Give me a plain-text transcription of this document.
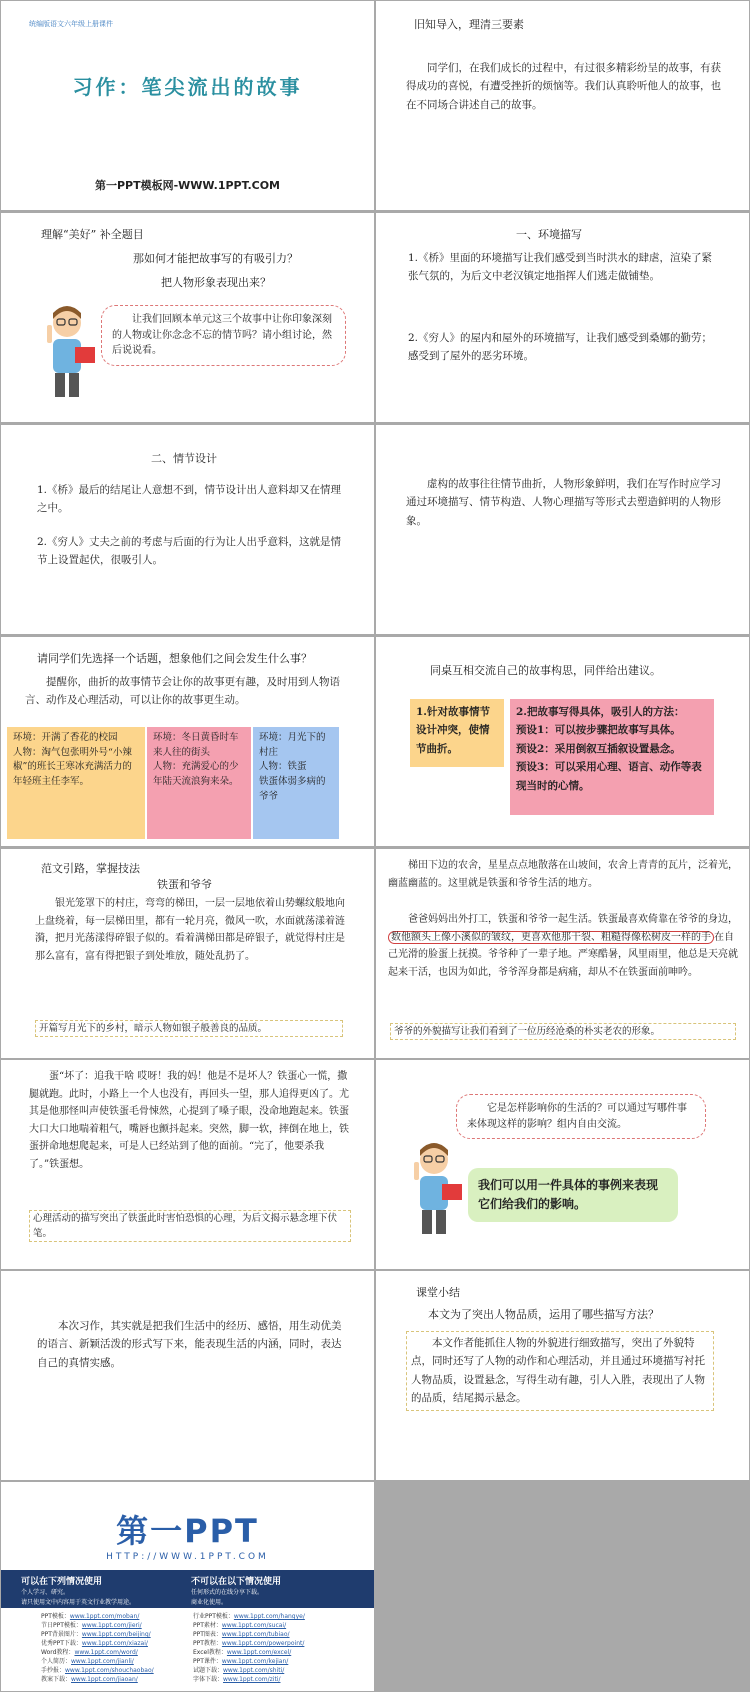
统编版语文六年级上册课件
习作：笔尖流出的故事
第一PPT模板网-WWW.1PPT.COM
旧知导入，理清三要素
同学们，在我们成长的过程中，有过很多精彩纷呈的故事，有获得成功的喜悦，有遭受挫折的烦恼等。我们认真聆听他人的故事，也在不同场合讲述自己的故事。
理解“美好” 补全题目
那如何才能把故事写的有吸引力？
把人物形象表现出来？
让我们回顾本单元这三个故事中让你印象深刻的人物或让你念念不忘的情节吗？请小组讨论，然后说说看。
一、环境描写
1.《桥》里面的环境描写让我们感受到当时洪水的肆虐，渲染了紧张气氛的，为后文中老汉镇定地指挥人们逃走做铺垫。
2.《穷人》的屋内和屋外的环境描写，让我们感受到桑娜的勤劳；感受到了屋外的恶劣环境。
二、情节设计
1.《桥》最后的结尾让人意想不到，情节设计出人意料却又在情理之中。
2.《穷人》丈夫之前的考虑与后面的行为让人出乎意料，这就是情节上设置起伏，很吸引人。
虚构的故事往往情节曲折，人物形象鲜明，我们在写作时应学习通过环境描写、情节构造、人物心理描写等形式去塑造鲜明的人物形象。
请同学们先选择一个话题，想象他们之间会发生什么事？
提醒你，曲折的故事情节会让你的故事更有趣，及时用到人物语言、动作及心理活动，可以让你的故事更生动。
环境：开满了香花的校园
人物：淘气包张明外号“小辣椒”的班长王寒冰充满活力的年轻班主任李军。
环境：冬日黄昏时车来人往的街头
人物：充满爱心的少年陆天流浪狗来朵。
环境：月光下的村庄
人物：铁蛋
铁蛋体弱多病的爷爷
同桌互相交流自己的故事构思，同伴给出建议。
1.针对故事情节设计冲突，使情节曲折。
2.把故事写得具体，吸引人的方法：
预设1：可以按步骤把故事写具体。
预设2：采用倒叙互插叙设置悬念。
预设3：可以采用心理、语言、动作等表现当时的心情。
范文引路，掌握技法
铁蛋和爷爷
银光笼罩下的村庄，弯弯的梯田，一层一层地依着山势螺纹般地向上盘绕着，每一层梯田里，都有一轮月亮，微风一吹，水面就荡漾着涟漪，把月光荡漾得碎银子似的。看着满梯田都是碎银子，就觉得村庄是那么富有，富有得把银子到处堆放，随处乱扔了。
开篇写月光下的乡村，暗示人物如银子般善良的品质。
梯田下边的农舍，星星点点地散落在山坡间，农舍上青青的瓦片，泛着光，幽蓝幽蓝的。这里就是铁蛋和爷爷生活的地方。
爸爸妈妈出外打工，铁蛋和爷爷一起生活。铁蛋最喜欢倚靠在爷爷的身边，数他额头上像小溪似的皱纹，更喜欢他那干裂、粗糙得像松树皮一样的手 在自己光滑的脸蛋上抚摸。爷爷种了一辈子地。严寒酷暑，风里雨里，他总是天亮就起来干活，也因为如此，爷爷浑身都是病痛，却从不在铁蛋面前呻吟。
爷爷的外貌描写让我们看到了一位历经沧桑的朴实老农的形象。
蛋“坏了：追我干啥 哎呀！我的妈！他是不是坏人？铁蛋心一慌，撒腿就跑。此时，小路上一个人也没有，再回头一望，那人追得更凶了。尤其是他那怪叫声使铁蛋毛骨悚然，心提到了嗓子眼，没命地跑起来。铁蛋大口大口地喘着粗气，嘴唇也颤抖起来。突然，脚一软，摔倒在地上，铁蛋拼命地想爬起来，可是人已经站到了他的面前。“完了，他要杀我了。”铁蛋想。
心理活动的描写突出了铁蛋此时害怕恐惧的心理，为后文揭示悬念埋下伏笔。
它是怎样影响你的生活的？可以通过写哪件事来体现这样的影响？组内自由交流。
我们可以用一件具体的事例来表现它们给我们的影响。
本次习作，其实就是把我们生活中的经历、感悟，用生动优美的语言、新颖活泼的形式写下来，能表现生活的内涵，同时，表达自己的真情实感。
课堂小结
本文为了突出人物品质，运用了哪些描写方法？
本文作者能抓住人物的外貌进行细致描写，突出了外貌特点，同时还写了人物的动作和心理活动，并且通过环境描写衬托人物品质，设置悬念，写得生动有趣，引人入胜，表现出了人物的品质，结尾揭示悬念。
第一PPT
HTTP://WWW.1PPT.COM
可以在下列情况使用
个人学习、研究。
请只使用文中内容用于英文行业教学用途。
不可以在以下情况使用
任何形式的在线分享下载。
商业化使用。
PPT模板：www.1ppt.com/moban/
节日PPT模板：www.1ppt.com/jieri/
PPT背景图片：www.1ppt.com/beijing/
优秀PPT下载：www.1ppt.com/xiazai/
Word教程：www.1ppt.com/word/
个人简历：www.1ppt.com/jianli/
手抄报：www.1ppt.com/shouchaobao/
教案下载：www.1ppt.com/jiaoan/
行业PPT模板：www.1ppt.com/hangye/
PPT素材：www.1ppt.com/sucai/
PPT图表：www.1ppt.com/tubiao/
PPT教程：www.1ppt.com/powerpoint/
Excel教程：www.1ppt.com/excel/
PPT课件：www.1ppt.com/kejian/
试题下载：www.1ppt.com/shiti/
字体下载：www.1ppt.com/ziti/
